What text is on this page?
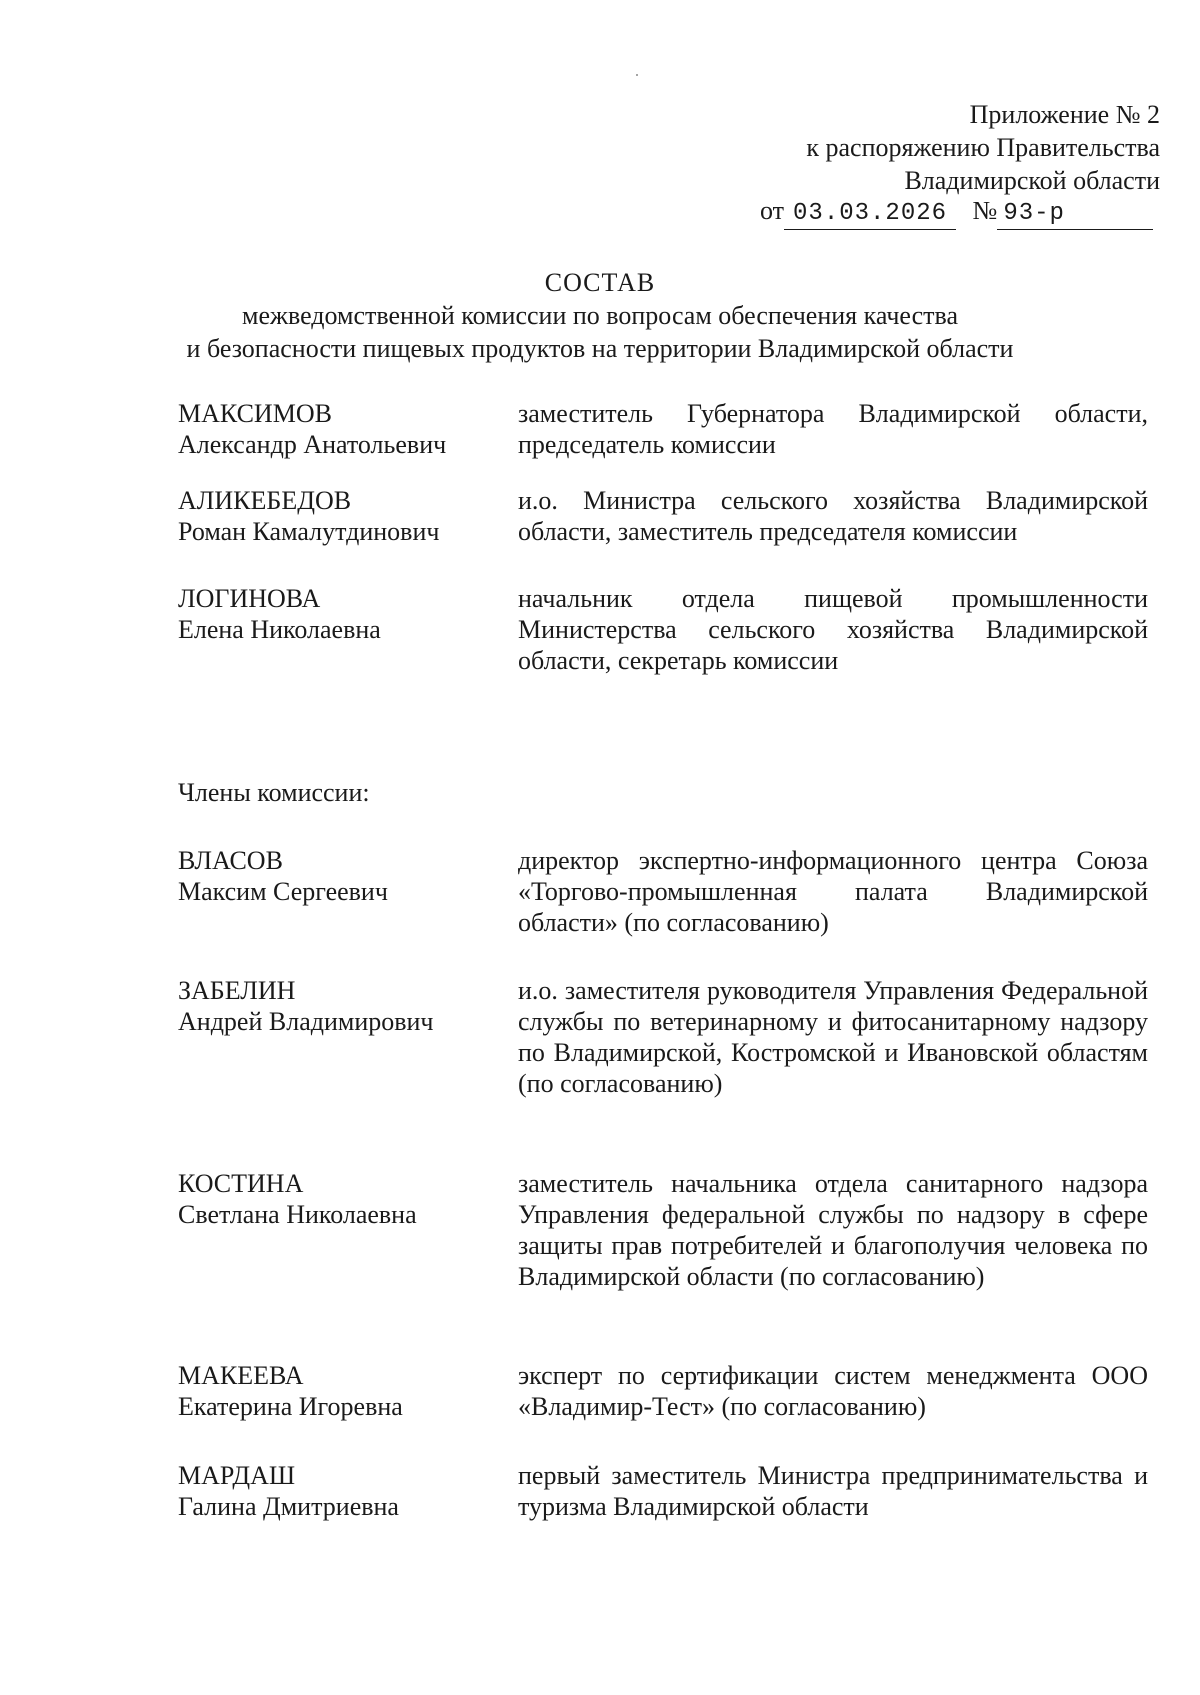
Приложение № 2
к распоряжению Правительства
Владимирской области
от 03.03.2026 № 93-р
СОСТАВ
межведомственной комиссии по вопросам обеспечения качества
и безопасности пищевых продуктов на территории Владимирской области
МАКСИМОВ
Александр Анатольевич
заместитель Губернатора Владимирской области, председатель комиссии
АЛИКЕБЕДОВ
Роман Камалутдинович
и.о. Министра сельского хозяйства Владимирской области, заместитель председателя комиссии
ЛОГИНОВА
Елена Николаевна
начальник отдела пищевой промышленности Министерства сельского хозяйства Владимирской области, секретарь комиссии
Члены комиссии:
ВЛАСОВ
Максим Сергеевич
директор экспертно-информационного центра Союза «Торгово-промышленная палата Владимирской области» (по согласованию)
ЗАБЕЛИН
Андрей Владимирович
и.о. заместителя руководителя Управления Федеральной службы по ветеринарному и фитосанитарному надзору по Владимирской, Костромской и Ивановской областям (по согласованию)
КОСТИНА
Светлана Николаевна
заместитель начальника отдела санитарного надзора Управления федеральной службы по надзору в сфере защиты прав потребителей и благополучия человека по Владимирской области (по согласованию)
МАКЕЕВА
Екатерина Игоревна
эксперт по сертификации систем менеджмента ООО «Владимир-Тест» (по согласованию)
МАРДАШ
Галина Дмитриевна
первый заместитель Министра предпринимательства и туризма Владимирской области
